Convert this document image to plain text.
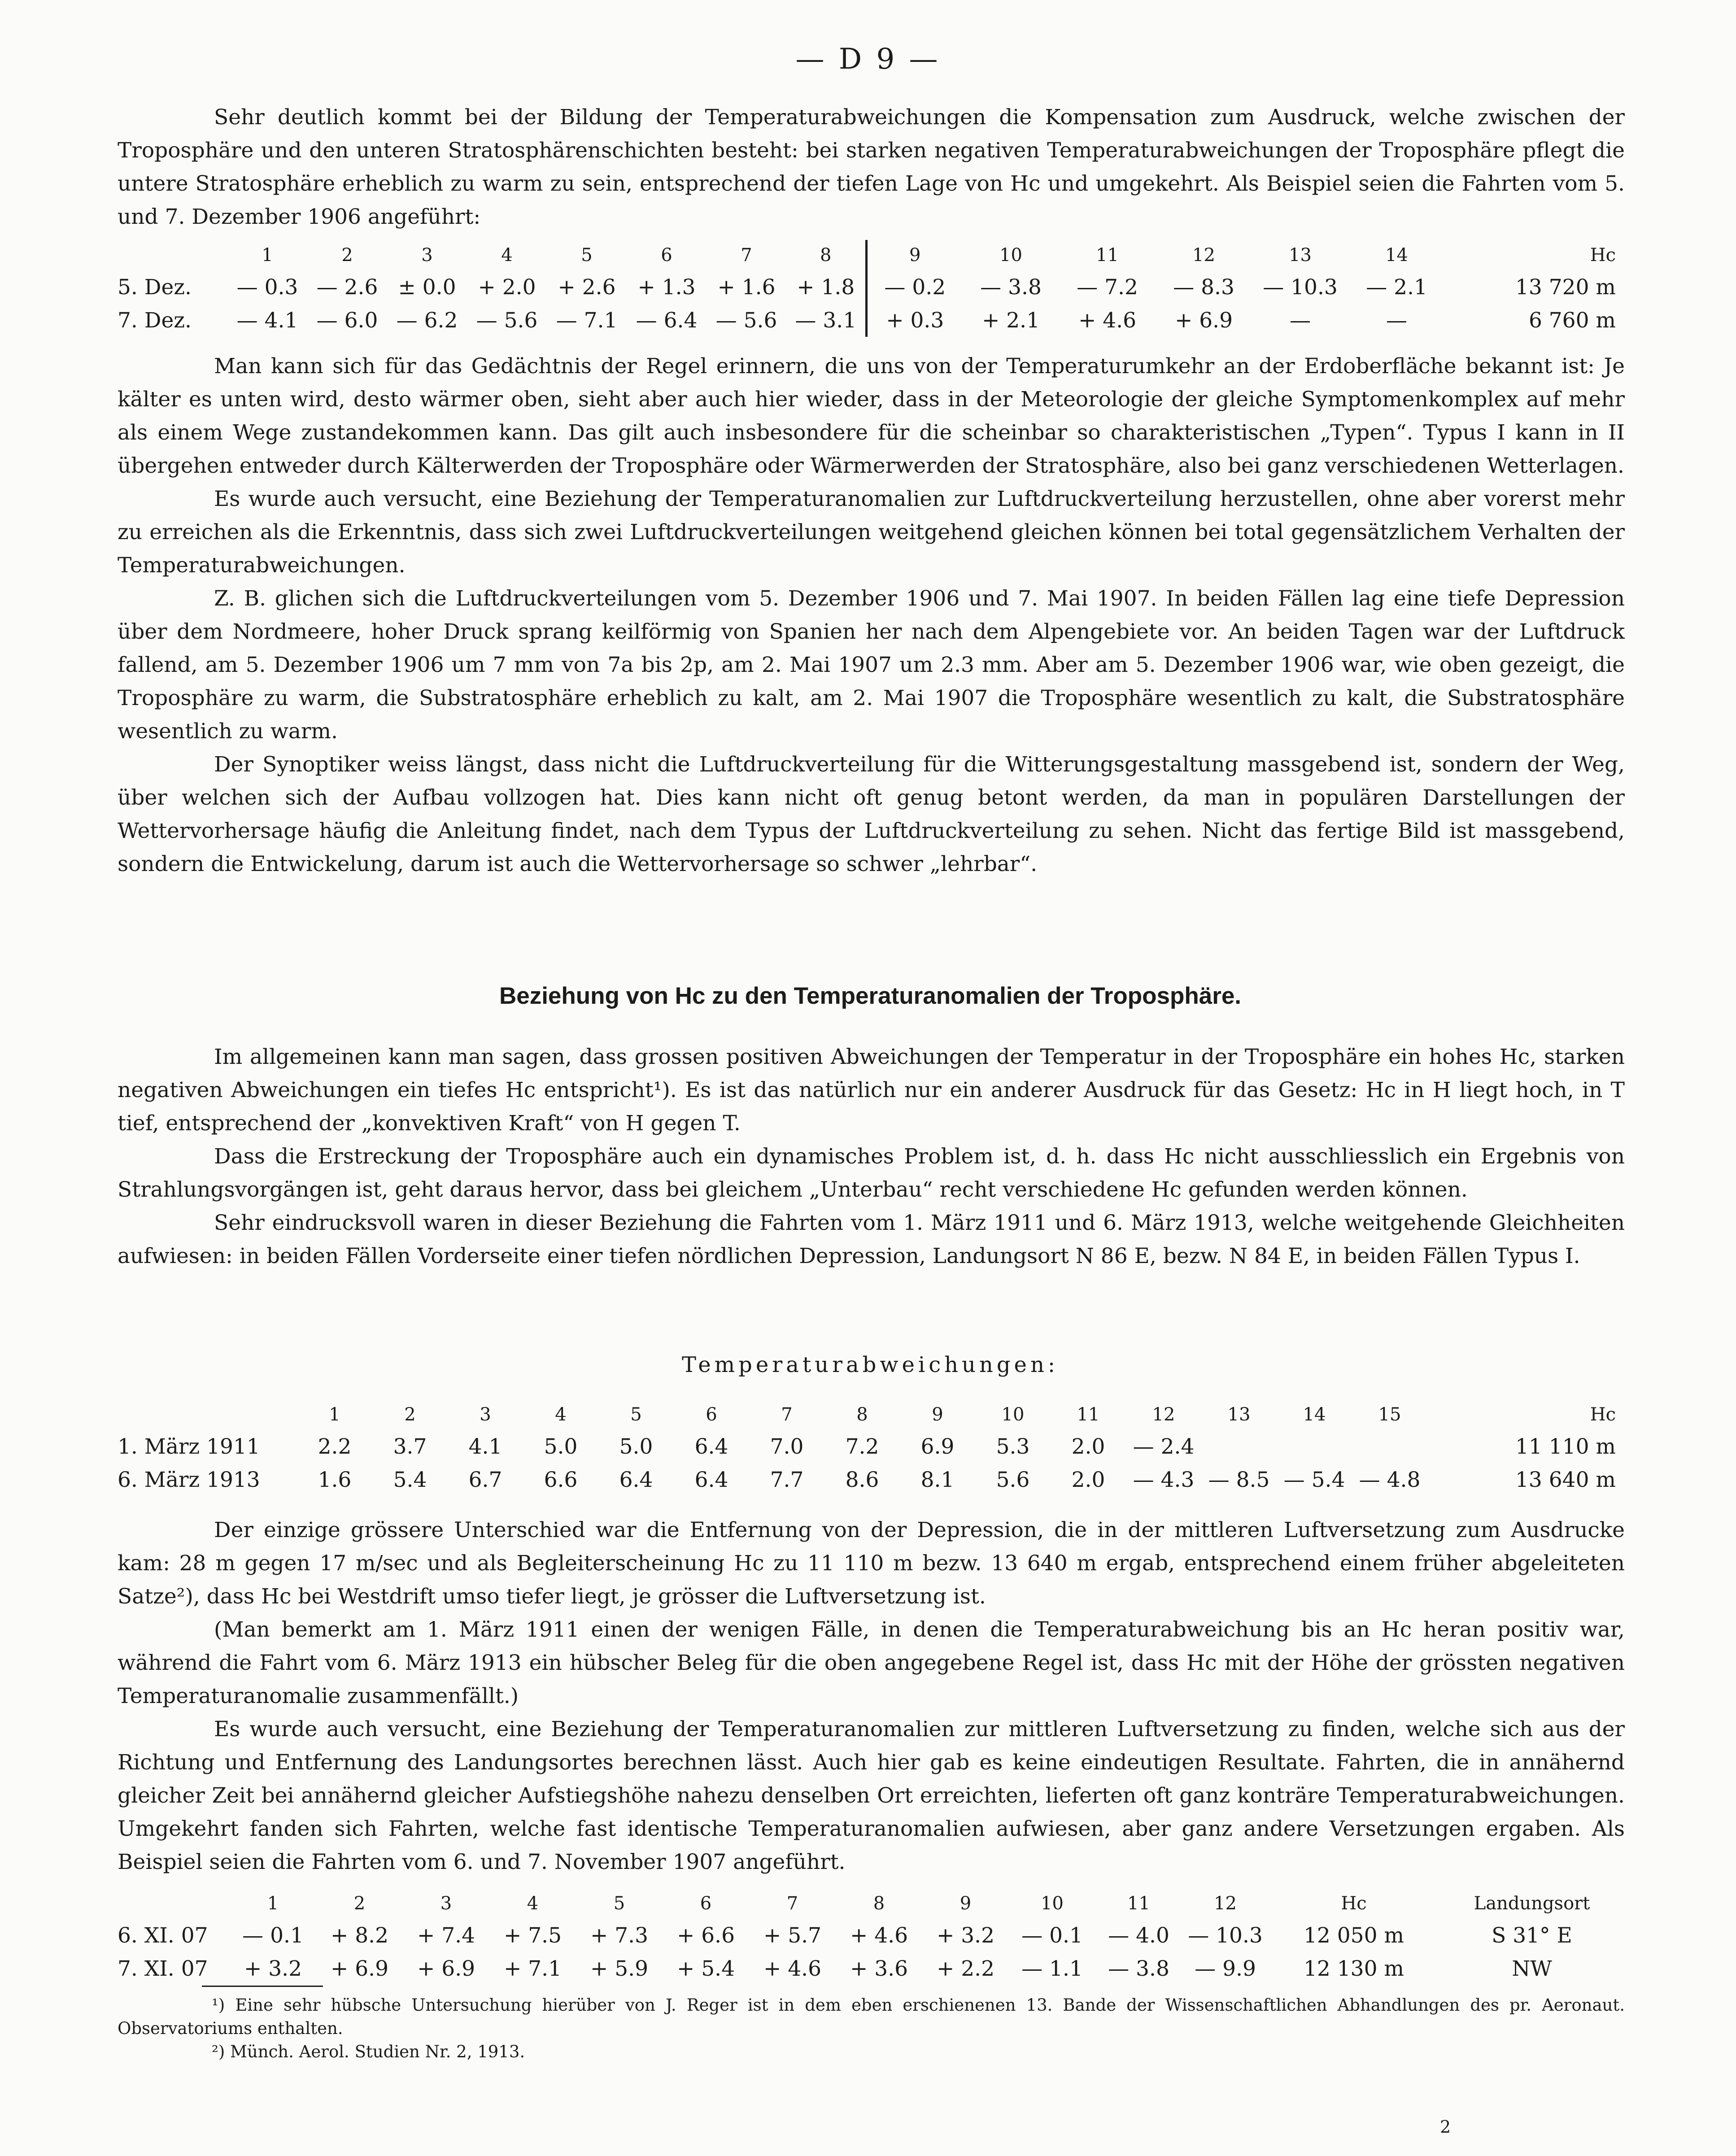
— D 9 —

Sehr deutlich kommt bei der Bildung der Temperaturabweichungen die Kompensation zum Ausdruck, welche zwischen der Troposphäre und den unteren Stratosphärenschichten besteht: bei starken negativen Temperaturabweichungen der Troposphäre pflegt die untere Stratosphäre erheblich zu warm zu sein, entsprechend der tiefen Lage von Hc und umgekehrt. Als Beispiel seien die Fahrten vom 5. und 7. Dezember 1906 angeführt:

	1	2	3	4	5	6	7	8	9	10	11	12	13	14	Hc
5. Dez.	— 0.3	— 2.6	± 0.0	+ 2.0	+ 2.6	+ 1.3	+ 1.6	+ 1.8	— 0.2	— 3.8	— 7.2	— 8.3	— 10.3	— 2.1	13 720 m
7. Dez.	— 4.1	— 6.0	— 6.2	— 5.6	— 7.1	— 6.4	— 5.6	— 3.1	+ 0.3	+ 2.1	+ 4.6	+ 6.9	—	—	6 760 m

Man kann sich für das Gedächtnis der Regel erinnern, die uns von der Temperaturumkehr an der Erdoberfläche bekannt ist: Je kälter es unten wird, desto wärmer oben, sieht aber auch hier wieder, dass in der Meteorologie der gleiche Symptomenkomplex auf mehr als einem Wege zustandekommen kann. Das gilt auch insbesondere für die scheinbar so charakteristischen „Typen“. Typus I kann in II übergehen entweder durch Kälterwerden der Troposphäre oder Wärmerwerden der Stratosphäre, also bei ganz verschiedenen Wetterlagen.

Es wurde auch versucht, eine Beziehung der Temperaturanomalien zur Luftdruckverteilung herzustellen, ohne aber vorerst mehr zu erreichen als die Erkenntnis, dass sich zwei Luftdruckverteilungen weitgehend gleichen können bei total gegensätzlichem Verhalten der Temperaturabweichungen.

Z. B. glichen sich die Luftdruckverteilungen vom 5. Dezember 1906 und 7. Mai 1907. In beiden Fällen lag eine tiefe Depression über dem Nordmeere, hoher Druck sprang keilförmig von Spanien her nach dem Alpengebiete vor. An beiden Tagen war der Luftdruck fallend, am 5. Dezember 1906 um 7 mm von 7a bis 2p, am 2. Mai 1907 um 2.3 mm. Aber am 5. Dezember 1906 war, wie oben gezeigt, die Troposphäre zu warm, die Substratosphäre erheblich zu kalt, am 2. Mai 1907 die Troposphäre wesentlich zu kalt, die Substratosphäre wesentlich zu warm.

Der Synoptiker weiss längst, dass nicht die Luftdruckverteilung für die Witterungsgestaltung massgebend ist, sondern der Weg, über welchen sich der Aufbau vollzogen hat. Dies kann nicht oft genug betont werden, da man in populären Darstellungen der Wettervorhersage häufig die Anleitung findet, nach dem Typus der Luftdruckverteilung zu sehen. Nicht das fertige Bild ist massgebend, sondern die Entwickelung, darum ist auch die Wettervorhersage so schwer „lehrbar“.

Beziehung von Hc zu den Temperaturanomalien der Troposphäre.

Im allgemeinen kann man sagen, dass grossen positiven Abweichungen der Temperatur in der Troposphäre ein hohes Hc, starken negativen Abweichungen ein tiefes Hc entspricht¹). Es ist das natürlich nur ein anderer Ausdruck für das Gesetz: Hc in H liegt hoch, in T tief, entsprechend der „konvektiven Kraft“ von H gegen T.

Dass die Erstreckung der Troposphäre auch ein dynamisches Problem ist, d. h. dass Hc nicht ausschliesslich ein Ergebnis von Strahlungsvorgängen ist, geht daraus hervor, dass bei gleichem „Unterbau“ recht verschiedene Hc gefunden werden können.

Sehr eindrucksvoll waren in dieser Beziehung die Fahrten vom 1. März 1911 und 6. März 1913, welche weitgehende Gleichheiten aufwiesen: in beiden Fällen Vorderseite einer tiefen nördlichen Depression, Landungsort N 86 E, bezw. N 84 E, in beiden Fällen Typus I.

Temperaturabweichungen:
	1	2	3	4	5	6	7	8	9	10	11	12	13	14	15	Hc
1. März 1911	2.2	3.7	4.1	5.0	5.0	6.4	7.0	7.2	6.9	5.3	2.0	— 2.4				11 110 m
6. März 1913	1.6	5.4	6.7	6.6	6.4	6.4	7.7	8.6	8.1	5.6	2.0	— 4.3	— 8.5	— 5.4	— 4.8	13 640 m

Der einzige grössere Unterschied war die Entfernung von der Depression, die in der mittleren Luftversetzung zum Ausdrucke kam: 28 m gegen 17 m/sec und als Begleiterscheinung Hc zu 11 110 m bezw. 13 640 m ergab, entsprechend einem früher abgeleiteten Satze²), dass Hc bei Westdrift umso tiefer liegt, je grösser die Luftversetzung ist.

(Man bemerkt am 1. März 1911 einen der wenigen Fälle, in denen die Temperaturabweichung bis an Hc heran positiv war, während die Fahrt vom 6. März 1913 ein hübscher Beleg für die oben angegebene Regel ist, dass Hc mit der Höhe der grössten negativen Temperaturanomalie zusammenfällt.)

Es wurde auch versucht, eine Beziehung der Temperaturanomalien zur mittleren Luftversetzung zu finden, welche sich aus der Richtung und Entfernung des Landungsortes berechnen lässt. Auch hier gab es keine eindeutigen Resultate. Fahrten, die in annähernd gleicher Zeit bei annähernd gleicher Aufstiegshöhe nahezu denselben Ort erreichten, lieferten oft ganz konträre Temperaturabweichungen. Umgekehrt fanden sich Fahrten, welche fast identische Temperaturanomalien aufwiesen, aber ganz andere Versetzungen ergaben. Als Beispiel seien die Fahrten vom 6. und 7. November 1907 angeführt.

	1	2	3	4	5	6	7	8	9	10	11	12	Hc	Landungsort
6. XI. 07	— 0.1	+ 8.2	+ 7.4	+ 7.5	+ 7.3	+ 6.6	+ 5.7	+ 4.6	+ 3.2	— 0.1	— 4.0	— 10.3	12 050 m	S 31° E
7. XI. 07	+ 3.2	+ 6.9	+ 6.9	+ 7.1	+ 5.9	+ 5.4	+ 4.6	+ 3.6	+ 2.2	— 1.1	— 3.8	— 9.9	12 130 m	NW

¹) Eine sehr hübsche Untersuchung hierüber von J. Reger ist in dem eben erschienenen 13. Bande der Wissenschaftlichen Abhandlungen des pr. Aeronaut. Observatoriums enthalten.

²) Münch. Aerol. Studien Nr. 2, 1913.

2
